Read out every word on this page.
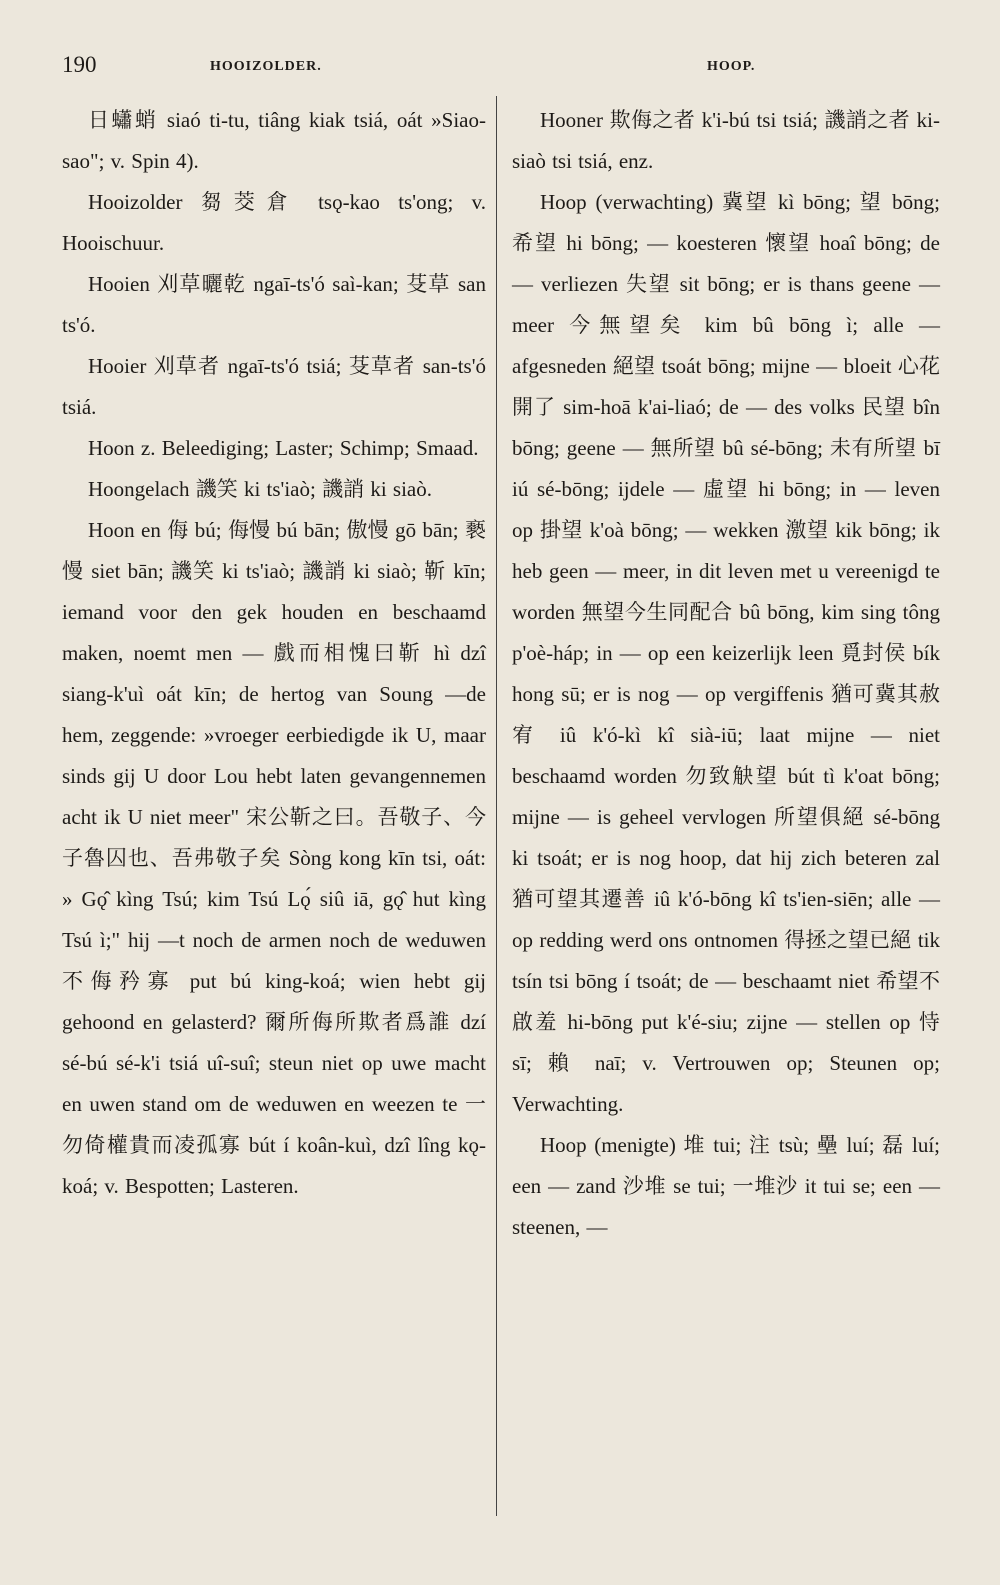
190	HOOIZOLDER.	HOOP.

日蠨蛸 siaó ti-tu, tiâng kiak tsiá, oát »Siao-sao"; v. Spin 4).

Hooizolder 芻茭倉 tsǫ-kao ts'ong; v. Hooischuur.

Hooien 刈草曬乾 ngaī-ts'ó saì-kan; 芟草 san ts'ó.

Hooier 刈草者 ngaī-ts'ó tsiá; 芟草者 san-ts'ó tsiá.

Hoon z. Beleediging; Laster; Schimp; Smaad.

Hoongelach 譏笑 ki ts'iaò; 譏誚 ki siaò.

Hoon en 侮 bú; 侮慢 bú bān; 傲慢 gō bān; 褻慢 siet bān; 譏笑 ki ts'iaò; 譏誚 ki siaò; 靳 kīn; iemand voor den gek houden en beschaamd maken, noemt men — 戲而相愧曰靳 hì dzî siang-k'uì oát kīn; de hertog van Soung —de hem, zeggende: »vroeger eerbiedigde ik U, maar sinds gij U door Lou hebt laten gevangennemen acht ik U niet meer" 宋公靳之曰。吾敬子、今子魯囚也、吾弗敬子矣 Sòng kong kīn tsi, oát: » Gǫ̂ kìng Tsú; kim Tsú Lǫ́ siû iā, gǫ̂ hut kìng Tsú ì;" hij —t noch de armen noch de weduwen 不侮矜寡 put bú king-koá; wien hebt gij gehoond en gelasterd? 爾所侮所欺者爲誰 dzí sé-bú sé-k'i tsiá uî-suî; steun niet op uwe macht en uwen stand om de weduwen en weezen te 一勿倚權貴而凌孤寡 bút í koân-kuì, dzî lîng kǫ-koá; v. Bespotten; Lasteren.

Hooner 欺侮之者 k'i-bú tsi tsiá; 譏誚之者 ki-siaò tsi tsiá, enz.

Hoop (verwachting) 冀望 kì bōng; 望 bōng; 希望 hi bōng; — koesteren 懷望 hoaî bōng; de — verliezen 失望 sit bōng; er is thans geene — meer 今無望矣 kim bû bōng ì; alle — afgesneden 絕望 tsoát bōng; mijne — bloeit 心花開了 sim-hoā k'ai-liaó; de — des volks 民望 bîn bōng; geene — 無所望 bû sé-bōng; 未有所望 bī iú sé-bōng; ijdele — 虛望 hi bōng; in — leven op 掛望 k'oà bōng; — wekken 激望 kik bōng; ik heb geen — meer, in dit leven met u vereenigd te worden 無望今生同配合 bû bōng, kim sing tông p'oè-háp; in — op een keizerlijk leen 覓封侯 bík hong sū; er is nog — op vergiffenis 猶可冀其赦宥 iû k'ó-kì kî sià-iū; laat mijne — niet beschaamd worden 勿致觖望 bút tì k'oat bōng; mijne — is geheel vervlogen 所望俱絕 sé-bōng ki tsoát; er is nog hoop, dat hij zich beteren zal 猶可望其遷善 iû k'ó-bōng kî ts'ien-siēn; alle — op redding werd ons ontnomen 得拯之望已絕 tik tsín tsi bōng í tsoát; de — beschaamt niet 希望不啟羞 hi-bōng put k'é-siu; zijne — stellen op 恃 sī; 賴 naī; v. Vertrouwen op; Steunen op; Verwachting.

Hoop (menigte) 堆 tui; 注 tsù; 壘 luí; 磊 luí; een — zand 沙堆 se tui; 一堆沙 it tui se; een — steenen, —
